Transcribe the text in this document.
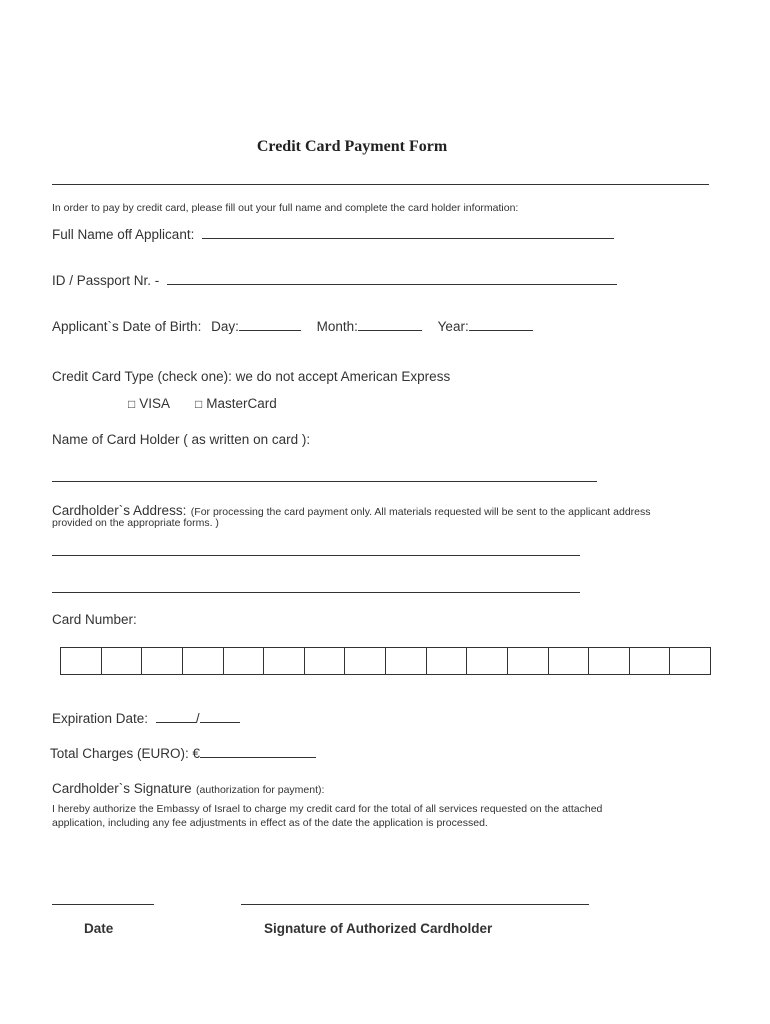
Credit Card Payment Form
In order to pay by credit card, please fill out your full name and complete the card holder information:
Full Name off Applicant:
ID / Passport Nr. -
Applicant`s Date of Birth: Day:	Month:	Year:
Credit Card Type (check one): we do not accept American Express
□ VISA □ MasterCard
Name of Card Holder ( as written on card ):
Cardholder`s Address: (For processing the card payment only. All materials requested will be sent to the applicant address
provided on the appropriate forms. )
Card Number:
Expiration Date:	/
Total Charges (EURO): €
Cardholder`s Signature (authorization for payment):
I hereby authorize the Embassy of Israel to charge my credit card for the total of all services requested on the attached
application, including any fee adjustments in effect as of the date the application is processed.
Date	Signature of Authorized Cardholder
